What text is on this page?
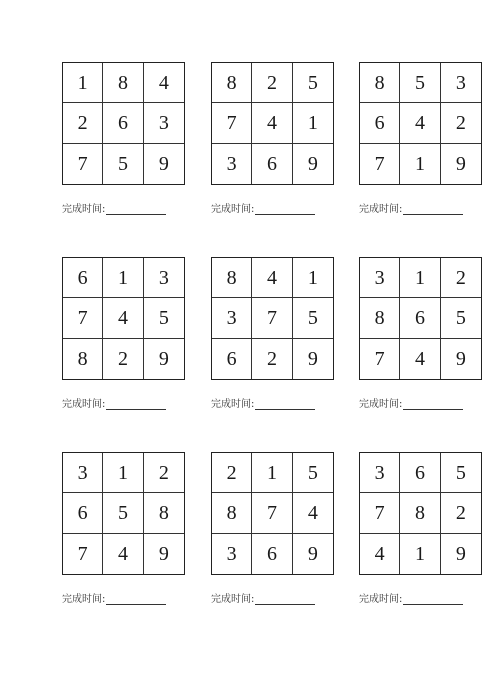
1	8	4
2	6	3
7	5	9
完成时间:
8	2	5
7	4	1
3	6	9
完成时间:
8	5	3
6	4	2
7	1	9
完成时间:
6	1	3
7	4	5
8	2	9
完成时间:
8	4	1
3	7	5
6	2	9
完成时间:
3	1	2
8	6	5
7	4	9
完成时间:
3	1	2
6	5	8
7	4	9
完成时间:
2	1	5
8	7	4
3	6	9
完成时间:
3	6	5
7	8	2
4	1	9
完成时间:
